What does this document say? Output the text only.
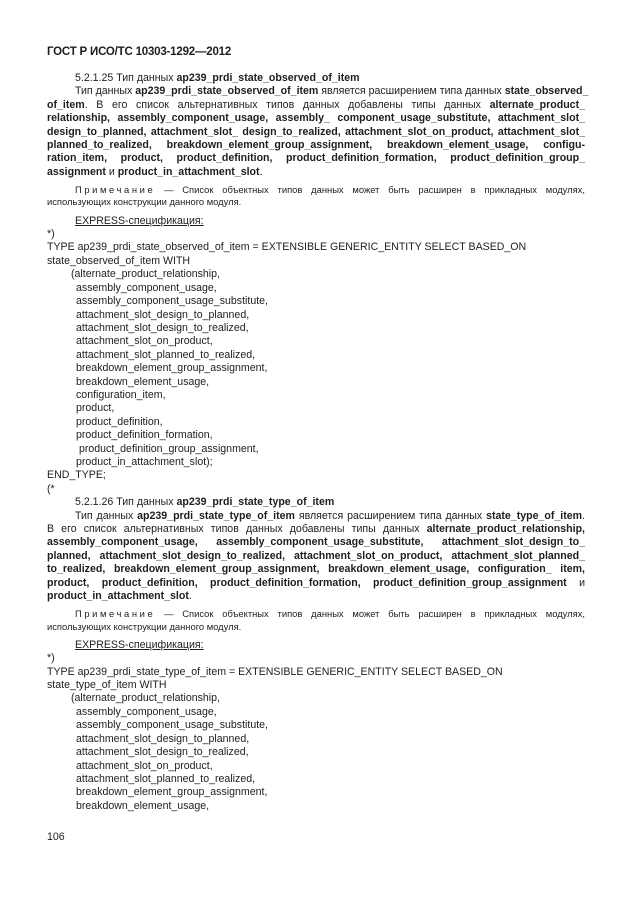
ГОСТ Р ИСО/ТС 10303-1292—2012
5.2.1.25 Тип данных ap239_prdi_state_observed_of_item
Тип данных ap239_prdi_state_observed_of_item является расширением типа данных state_observed_
of_item. В его список альтернативных типов данных добавлены типы данных alternate_product_
relationship, assembly_component_usage, assembly_ component_usage_substitute, attachment_slot_
design_to_planned, attachment_slot_ design_to_realized, attachment_slot_on_product, attachment_slot_
planned_to_realized, breakdown_element_group_assignment, breakdown_element_usage, configu-
ration_item, product, product_definition, product_definition_formation, product_definition_group_
assignment и product_in_attachment_slot.
Примечание — Список объектных типов данных может быть расширен в прикладных модулях,
использующих конструкции данного модуля.
EXPRESS-спецификация:
*)
TYPE ap239_prdi_state_observed_of_item = EXTENSIBLE GENERIC_ENTITY SELECT BASED_ON
state_observed_of_item WITH
(alternate_product_relationship,
assembly_component_usage,
assembly_component_usage_substitute,
attachment_slot_design_to_planned,
attachment_slot_design_to_realized,
attachment_slot_on_product,
attachment_slot_planned_to_realized,
breakdown_element_group_assignment,
breakdown_element_usage,
configuration_item,
product,
product_definition,
product_definition_formation,
product_definition_group_assignment,
product_in_attachment_slot);
END_TYPE;
(*
5.2.1.26 Тип данных ap239_prdi_state_type_of_item
Тип данных ap239_prdi_state_type_of_item является расширением типа данных state_type_of_item.
В его список альтернативных типов данных добавлены типы данных alternate_product_relationship,
assembly_component_usage, assembly_component_usage_substitute, attachment_slot_design_to_
planned, attachment_slot_design_to_realized, attachment_slot_on_product, attachment_slot_planned_
to_realized, breakdown_element_group_assignment, breakdown_element_usage, configuration_ item,
product, product_definition, product_definition_formation, product_definition_group_assignment и
product_in_attachment_slot.
Примечание — Список объектных типов данных может быть расширен в прикладных модулях,
использующих конструкции данного модуля.
EXPRESS-спецификация:
*)
TYPE ap239_prdi_state_type_of_item = EXTENSIBLE GENERIC_ENTITY SELECT BASED_ON
state_type_of_item WITH
(alternate_product_relationship,
assembly_component_usage,
assembly_component_usage_substitute,
attachment_slot_design_to_planned,
attachment_slot_design_to_realized,
attachment_slot_on_product,
attachment_slot_planned_to_realized,
breakdown_element_group_assignment,
breakdown_element_usage,
106
